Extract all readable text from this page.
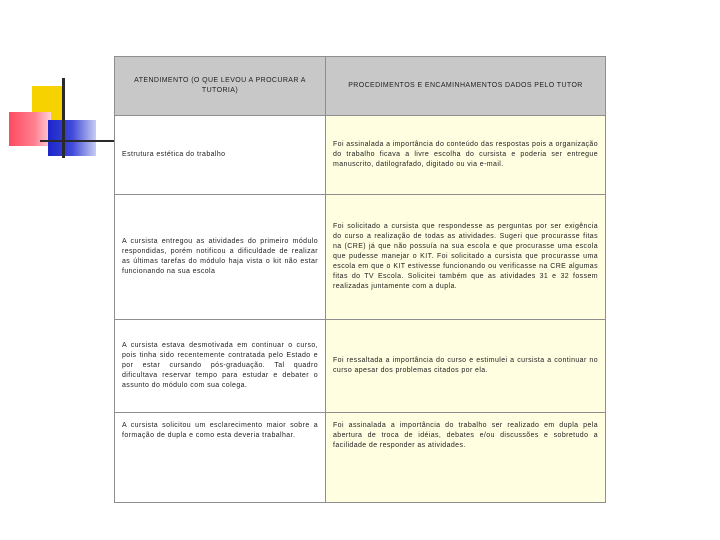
ATENDIMENTO (O QUE LEVOU A PROCURAR A TUTORIA)	PROCEDIMENTOS E ENCAMINHAMENTOS DADOS PELO TUTOR
Estrutura estética do trabalho	Foi assinalada a importância do conteúdo das respostas pois a organização do trabalho ficava a livre escolha do cursista e poderia ser entregue manuscrito, datilografado, digitado ou via e-mail.
A cursista entregou as atividades do primeiro módulo respondidas, porém notificou a dificuldade de realizar as últimas tarefas do módulo haja vista o kit não estar funcionando na sua escola	Foi solicitado a cursista que respondesse as perguntas por ser exigência do curso a realização de todas as atividades. Sugeri que procurasse fitas na (CRE) já que não possuía na sua escola e que procurasse uma escola que pudesse manejar o KIT. Foi solicitado a cursista que procurasse uma escola em que o KIT estivesse funcionando ou verificasse na CRE algumas fitas do TV Escola. Solicitei também que as atividades 31 e 32 fossem realizadas juntamente com a dupla.
A cursista estava desmotivada em continuar o curso, pois tinha sido recentemente contratada pelo Estado e por estar cursando pós-graduação. Tal quadro dificultava reservar tempo para estudar e debater o assunto do módulo com sua colega.	Foi ressaltada a importância do curso e estimulei a cursista a continuar no curso apesar dos problemas citados por ela.
A cursista solicitou um esclarecimento maior sobre a formação de dupla e como esta deveria trabalhar.	Foi assinalada a importância do trabalho ser realizado em dupla pela abertura de troca de idéias, debates e/ou discussões e sobretudo a facilidade de responder as atividades.
